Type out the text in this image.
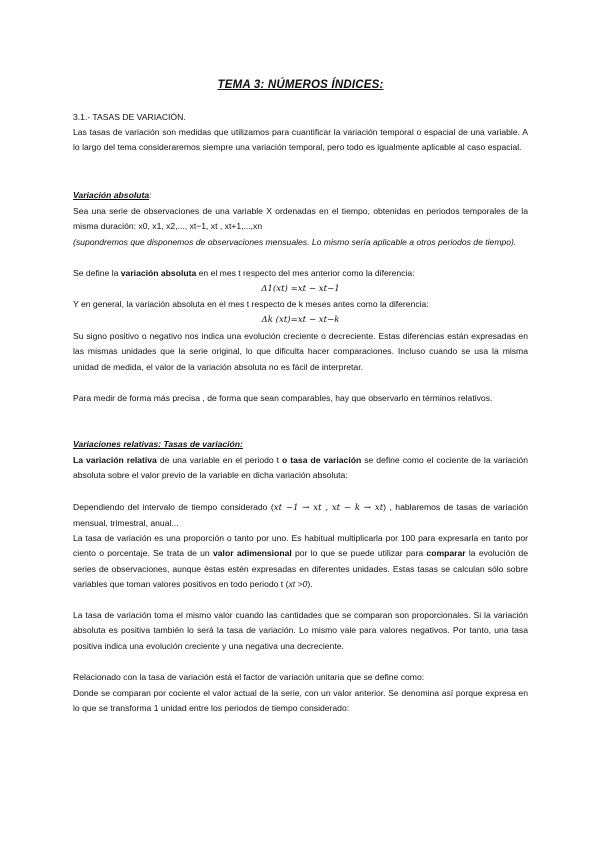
TEMA 3: NÚMEROS ÍNDICES:
3.1.- TASAS DE VARIACIÓN.

Las tasas de variación son medidas que utilizamos para cuantificar la variación temporal o espacial de una variable. A lo largo del tema consideraremos siempre una variación temporal, pero todo es igualmente aplicable al caso espacial.

Variación absoluta:

Sea una serie de observaciones de una variable X ordenadas en el tiempo, obtenidas en periodos temporales de la misma duración: x0, x1, x2,..., xt−1, xt , xt+1,...,xn

(supondremos que disponemos de observaciones mensuales. Lo mismo sería aplicable a otros periodos de tiempo).

Se define la variación absoluta en el mes t respecto del mes anterior como la diferencia:

Δ1(xt) =xt − xt−1

Y en general, la variación absoluta en el mes t respecto de k meses antes como la diferencia:

Δk (xt)=xt − xt−k

Su signo positivo o negativo nos indica una evolución creciente o decreciente. Estas diferencias están expresadas en las mismas unidades que la serie original, lo que dificulta hacer comparaciones. Incluso cuando se usa la misma unidad de medida, el valor de la variación absoluta no es fácil de interpretar.

Para medir de forma más precisa , de forma que sean comparables, hay que observarlo en términos relativos.

Variaciones relativas: Tasas de variación:

La variación relativa de una variable en el periodo t o tasa de variación se define como el cociente de la variación absoluta sobre el valor previo de la variable en dicha variación absoluta:

Dependiendo del intervalo de tiempo considerado (xt −1 → xt , xt − k → xt) , hablaremos de tasas de variación mensual, trimestral, anual...

La tasa de variación es una proporción o tanto por uno. Es habitual multiplicarla por 100 para expresarla en tanto por ciento o porcentaje. Se trata de un valor adimensional por lo que se puede utilizar para comparar la evolución de series de observaciones, aunque éstas estén expresadas en diferentes unidades. Estas tasas se calculan sólo sobre variables que toman valores positivos en todo periodo t (xt >0).

La tasa de variación toma el mismo valor cuando las cantidades que se comparan son proporcionales. Si la variación absoluta es positiva también lo será la tasa de variación. Lo mismo vale para valores negativos. Por tanto, una tasa positiva indica una evolución creciente y una negativa una decreciente.

Relacionado con la tasa de variación está el factor de variación unitaria que se define como:

Donde se comparan por cociente el valor actual de la serie, con un valor anterior. Se denomina así porque expresa en lo que se transforma 1 unidad entre los periodos de tiempo considerado:
